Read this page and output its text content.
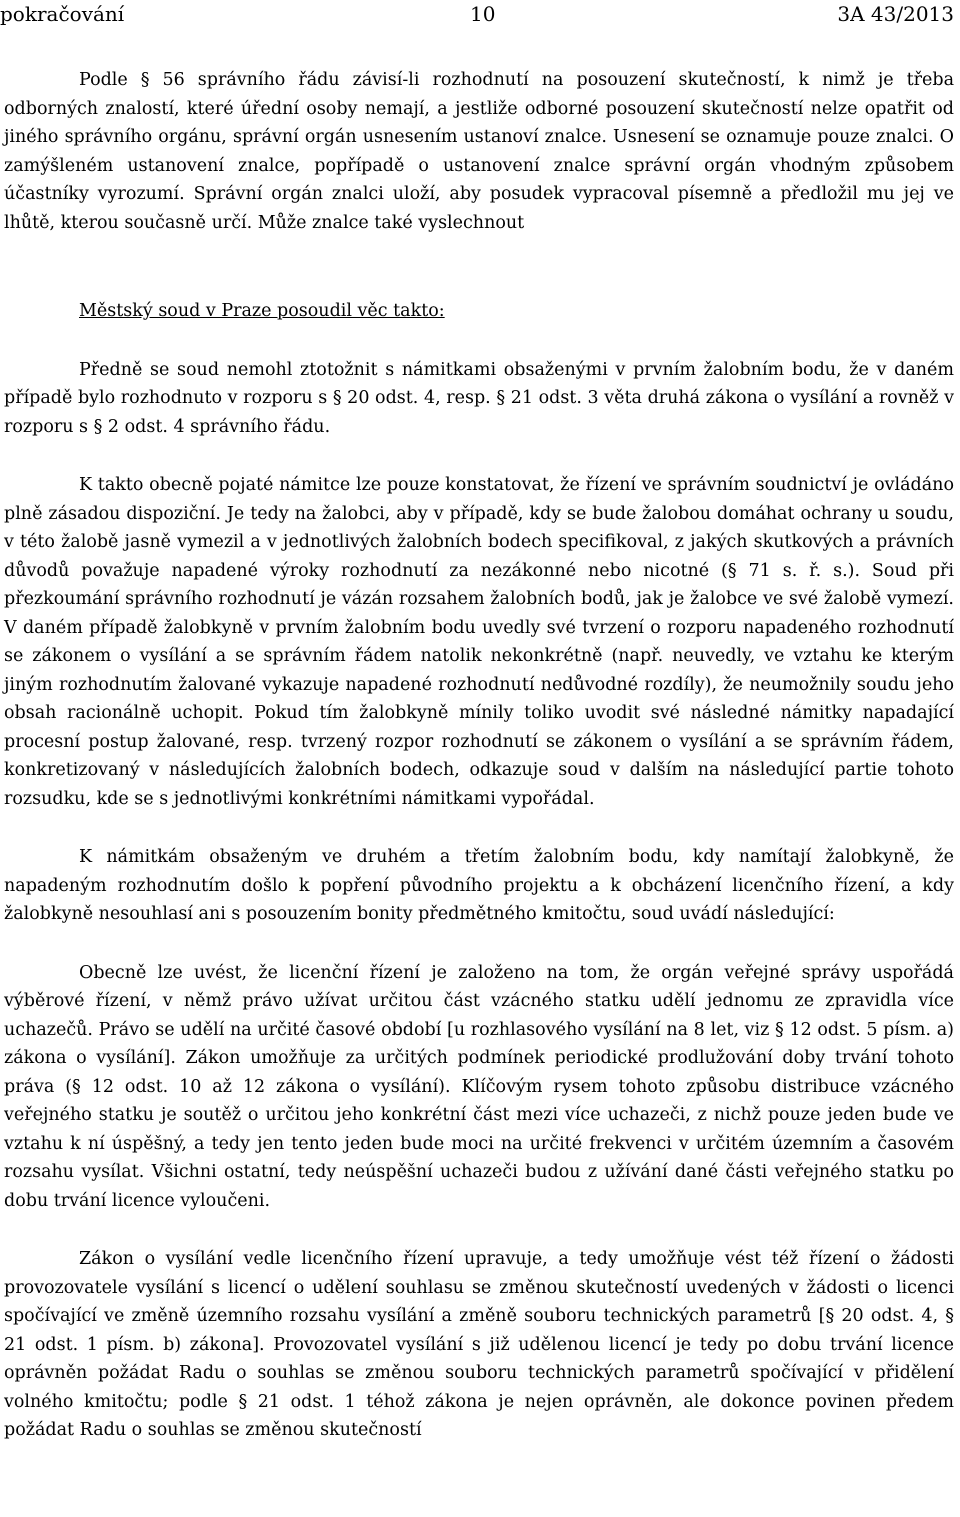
pokračování	10	3A 43/2013

Podle § 56 správního řádu závisí-li rozhodnutí na posouzení skutečností, k nimž je třeba odborných znalostí, které úřední osoby nemají, a jestliže odborné posouzení skutečností nelze opatřit od jiného správního orgánu, správní orgán usnesením ustanoví znalce. Usnesení se oznamuje pouze znalci. O zamýšleném ustanovení znalce, popřípadě o ustanovení znalce správní orgán vhodným způsobem účastníky vyrozumí. Správní orgán znalci uloží, aby posudek vypracoval písemně a předložil mu jej ve lhůtě, kterou současně určí. Může znalce také vyslechnout

Městský soud v Praze posoudil věc takto:

Předně se soud nemohl ztotožnit s námitkami obsaženými v prvním žalobním bodu, že v daném případě bylo rozhodnuto v rozporu s § 20 odst. 4, resp. § 21 odst. 3 věta druhá zákona o vysílání a rovněž v rozporu s § 2 odst. 4 správního řádu.

K takto obecně pojaté námitce lze pouze konstatovat, že řízení ve správním soudnictví je ovládáno plně zásadou dispoziční. Je tedy na žalobci, aby v případě, kdy se bude žalobou domáhat ochrany u soudu, v této žalobě jasně vymezil a v jednotlivých žalobních bodech specifikoval, z jakých skutkových a právních důvodů považuje napadené výroky rozhodnutí za nezákonné nebo nicotné (§ 71 s. ř. s.). Soud při přezkoumání správního rozhodnutí je vázán rozsahem žalobních bodů, jak je žalobce ve své žalobě vymezí. V daném případě žalobkyně v prvním žalobním bodu uvedly své tvrzení o rozporu napadeného rozhodnutí se zákonem o vysílání a se správním řádem natolik nekonkrétně (např. neuvedly, ve vztahu ke kterým jiným rozhodnutím žalované vykazuje napadené rozhodnutí nedůvodné rozdíly), že neumožnily soudu jeho obsah racionálně uchopit. Pokud tím žalobkyně mínily toliko uvodit své následné námitky napadající procesní postup žalované, resp. tvrzený rozpor rozhodnutí se zákonem o vysílání a se správním řádem, konkretizovaný v následujících žalobních bodech, odkazuje soud v dalším na následující partie tohoto rozsudku, kde se s jednotlivými konkrétními námitkami vypořádal.

K námitkám obsaženým ve druhém a třetím žalobním bodu, kdy namítají žalobkyně, že napadeným rozhodnutím došlo k popření původního projektu a k obcházení licenčního řízení, a kdy žalobkyně nesouhlasí ani s posouzením bonity předmětného kmitočtu, soud uvádí následující:

Obecně lze uvést, že licenční řízení je založeno na tom, že orgán veřejné správy uspořádá výběrové řízení, v němž právo užívat určitou část vzácného statku udělí jednomu ze zpravidla více uchazečů. Právo se udělí na určité časové období [u rozhlasového vysílání na 8 let, viz § 12 odst. 5 písm. a) zákona o vysílání]. Zákon umožňuje za určitých podmínek periodické prodlužování doby trvání tohoto práva (§ 12 odst. 10 až 12 zákona o vysílání). Klíčovým rysem tohoto způsobu distribuce vzácného veřejného statku je soutěž o určitou jeho konkrétní část mezi více uchazeči, z nichž pouze jeden bude ve vztahu k ní úspěšný, a tedy jen tento jeden bude moci na určité frekvenci v určitém územním a časovém rozsahu vysílat. Všichni ostatní, tedy neúspěšní uchazeči budou z užívání dané části veřejného statku po dobu trvání licence vyloučeni.

Zákon o vysílání vedle licenčního řízení upravuje, a tedy umožňuje vést též řízení o žádosti provozovatele vysílání s licencí o udělení souhlasu se změnou skutečností uvedených v žádosti o licenci spočívající ve změně územního rozsahu vysílání a změně souboru technických parametrů [§ 20 odst. 4, § 21 odst. 1 písm. b) zákona]. Provozovatel vysílání s již udělenou licencí je tedy po dobu trvání licence oprávněn požádat Radu o souhlas se změnou souboru technických parametrů spočívající v přidělení volného kmitočtu; podle § 21 odst. 1 téhož zákona je nejen oprávněn, ale dokonce povinen předem požádat Radu o souhlas se změnou skutečností
